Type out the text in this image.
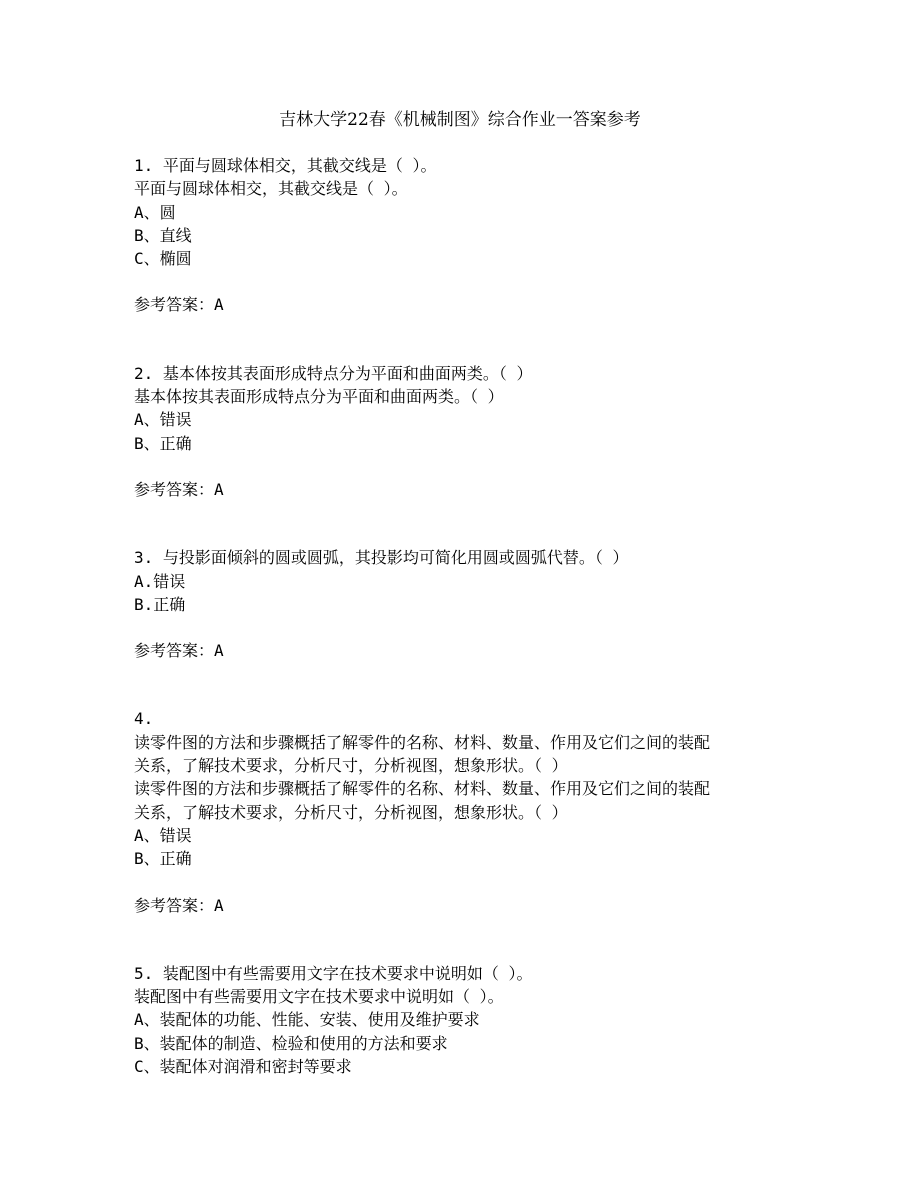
吉林大学22春《机械制图》综合作业一答案参考
1. 平面与圆球体相交，其截交线是（ ）。
平面与圆球体相交，其截交线是（ ）。
A、圆
B、直线
C、椭圆
参考答案：A
2. 基本体按其表面形成特点分为平面和曲面两类。（ ）
基本体按其表面形成特点分为平面和曲面两类。（ ）
A、错误
B、正确
参考答案：A
3. 与投影面倾斜的圆或圆弧，其投影均可简化用圆或圆弧代替。（ ）
A.错误
B.正确
参考答案：A
4.
读零件图的方法和步骤概括了解零件的名称、材料、数量、作用及它们之间的装配
关系，了解技术要求，分析尺寸，分析视图，想象形状。（ ）
读零件图的方法和步骤概括了解零件的名称、材料、数量、作用及它们之间的装配
关系，了解技术要求，分析尺寸，分析视图，想象形状。（ ）
A、错误
B、正确
参考答案：A
5. 装配图中有些需要用文字在技术要求中说明如（ ）。
装配图中有些需要用文字在技术要求中说明如（ ）。
A、装配体的功能、性能、安装、使用及维护要求
B、装配体的制造、检验和使用的方法和要求
C、装配体对润滑和密封等要求
